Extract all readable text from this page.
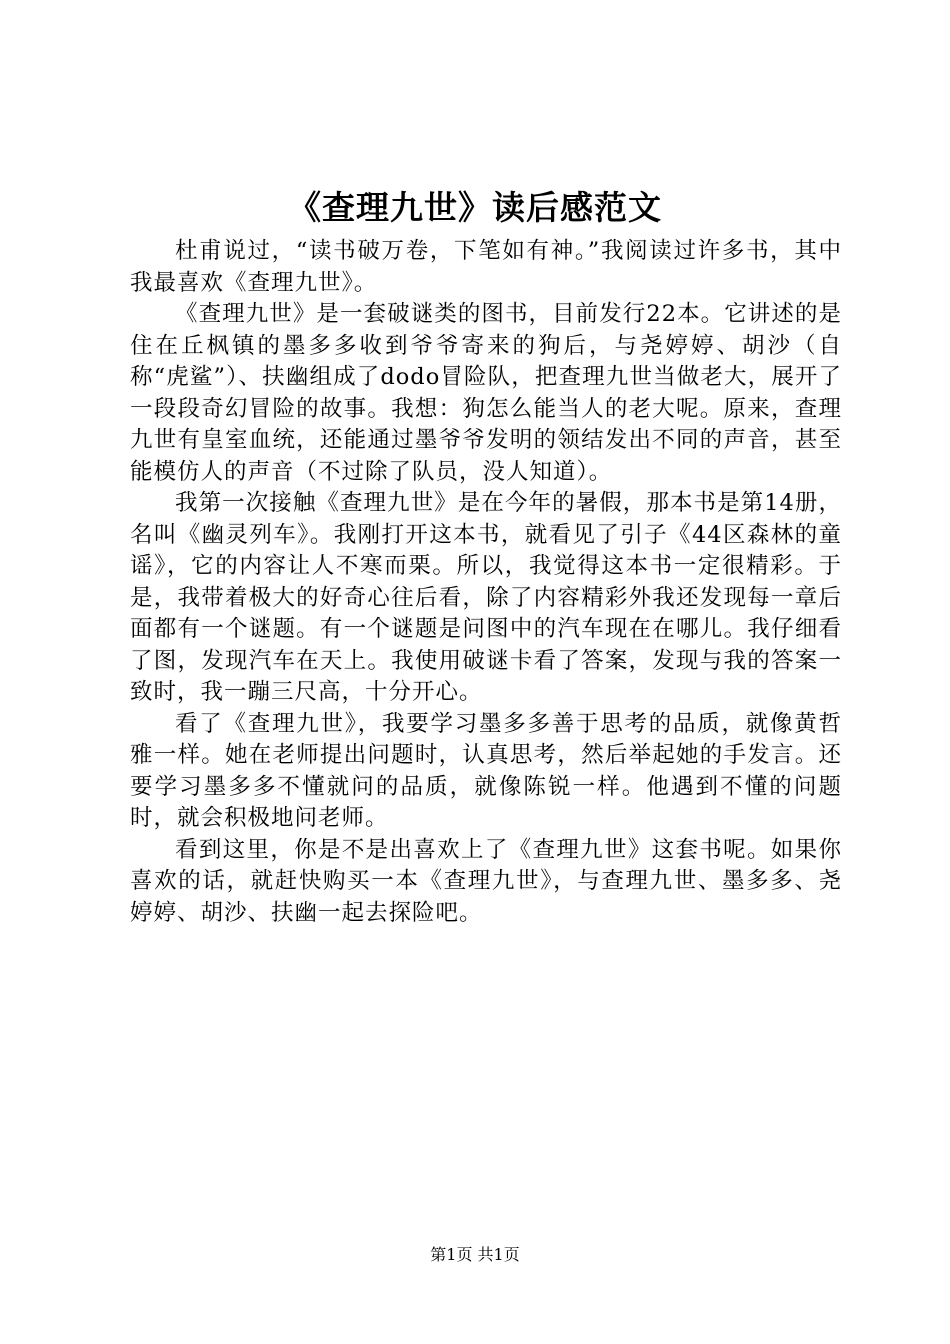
《查理九世》读后感范文

杜甫说过，“读书破万卷，下笔如有神。”我阅读过许多书，其中我最喜欢《查理九世》。

《查理九世》是一套破谜类的图书，目前发行22本。它讲述的是住在丘枫镇的墨多多收到爷爷寄来的狗后，与尧婷婷、胡沙（自称“虎鲨”）、扶幽组成了dodo冒险队，把查理九世当做老大，展开了一段段奇幻冒险的故事。我想：狗怎么能当人的老大呢。原来，查理九世有皇室血统，还能通过墨爷爷发明的领结发出不同的声音，甚至能模仿人的声音（不过除了队员，没人知道）。

我第一次接触《查理九世》是在今年的暑假，那本书是第14册，名叫《幽灵列车》。我刚打开这本书，就看见了引子《44区森林的童谣》，它的内容让人不寒而栗。所以，我觉得这本书一定很精彩。于是，我带着极大的好奇心往后看，除了内容精彩外我还发现每一章后面都有一个谜题。有一个谜题是问图中的汽车现在在哪儿。我仔细看了图，发现汽车在天上。我使用破谜卡看了答案，发现与我的答案一致时，我一蹦三尺高，十分开心。

看了《查理九世》，我要学习墨多多善于思考的品质，就像黄哲雅一样。她在老师提出问题时，认真思考，然后举起她的手发言。还要学习墨多多不懂就问的品质，就像陈锐一样。他遇到不懂的问题时，就会积极地问老师。

看到这里，你是不是出喜欢上了《查理九世》这套书呢。如果你喜欢的话，就赶快购买一本《查理九世》，与查理九世、墨多多、尧婷婷、胡沙、扶幽一起去探险吧。

第1页 共1页
